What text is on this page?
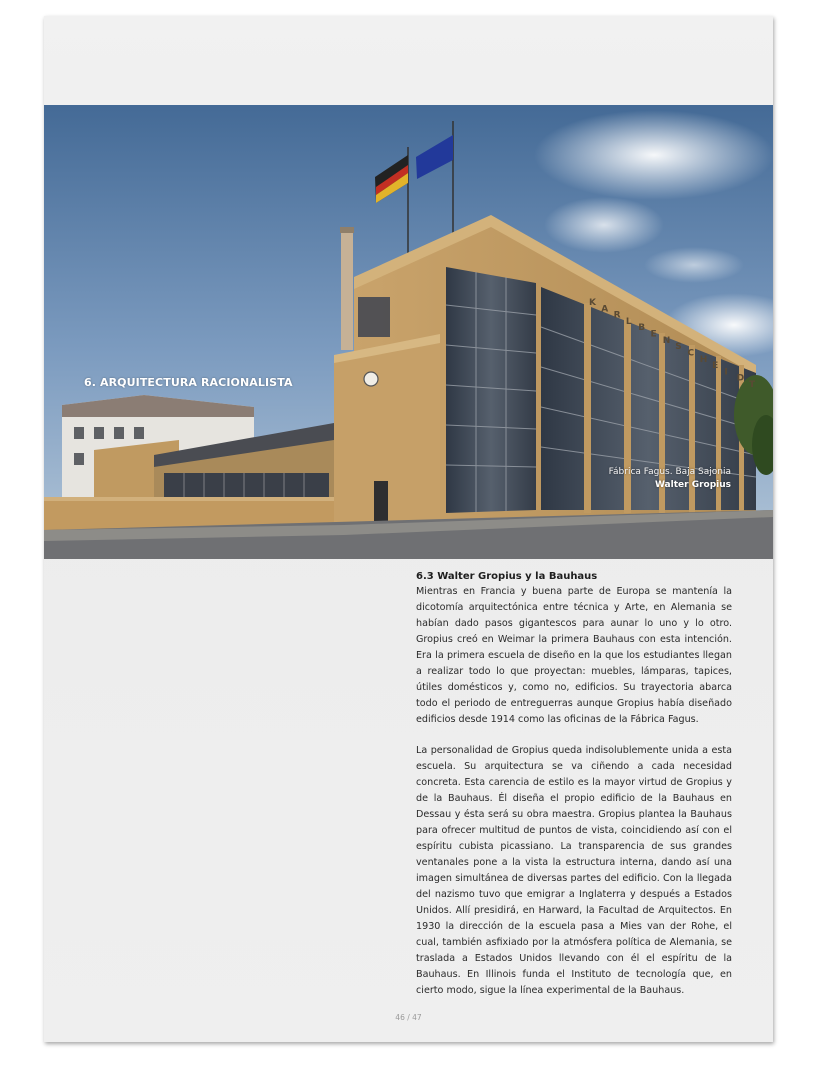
K
A
R
L
B
E
N
S
C
H
E
I
D
T
6. ARQUITECTURA RACIONALISTA
Fábrica Fagus. Baja Sajonia
Walter Gropius
6.3 Walter Gropius y la Bauhaus

Mientras en Francia y buena parte de Europa se mantenía la dicotomía arquitectónica entre técnica y Arte, en Alemania se habían dado pasos gigantescos para aunar lo uno y lo otro. Gropius creó en Weimar la primera Bauhaus con esta intención. Era la primera escuela de diseño en la que los estudiantes llegan a realizar todo lo que proyectan: muebles, lámparas, tapices, útiles domésticos y, como no, edificios. Su trayectoria abarca todo el periodo de entreguerras aunque Gropius había diseñado edificios desde 1914 como las oficinas de la Fábrica Fagus.

La personalidad de Gropius queda indisolublemente unida a esta escuela. Su arquitectura se va ciñendo a cada necesidad concreta. Esta carencia de estilo es la mayor virtud de Gropius y de la Bauhaus. Él diseña el propio edificio de la Bauhaus en Dessau y ésta será su obra maestra. Gropius plantea la Bauhaus para ofrecer multitud de puntos de vista, coincidiendo así con el espíritu cubista picassiano. La transparencia de sus grandes ventanales pone a la vista la estructura interna, dando así una imagen simultánea de diversas partes del edificio. Con la llegada del nazismo tuvo que emigrar a Inglaterra y después a Estados Unidos. Allí presidirá, en Harward, la Facultad de Arquitectos. En 1930 la dirección de la escuela pasa a Mies van der Rohe, el cual, también asfixiado por la atmósfera política de Alemania, se traslada a Estados Unidos llevando con él el espíritu de la Bauhaus. En Illinois funda el Instituto de tecnología que, en cierto modo, sigue la línea experimental de la Bauhaus.

46 / 47
